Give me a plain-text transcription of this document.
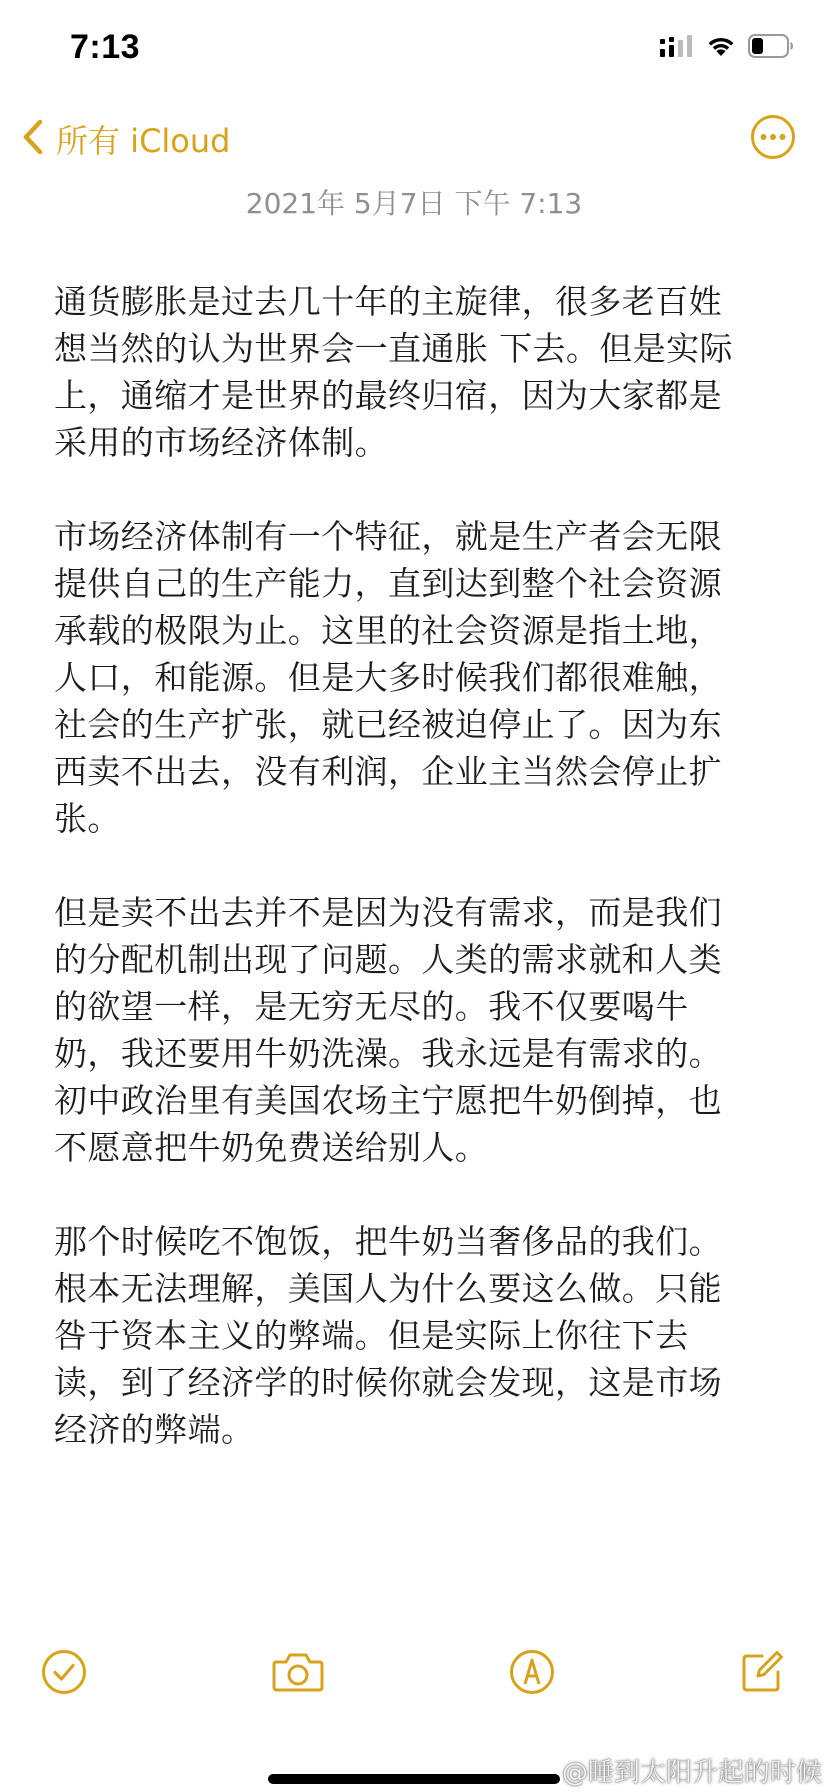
7:13
所有 iCloud
2021年 5月7日 下午 7:13

通货膨胀是过去几十年的主旋律，很多老百姓想当然的认为世界会一直通胀 下去。但是实际上，通缩才是世界的最终归宿，因为大家都是采用的市场经济体制。

市场经济体制有一个特征，就是生产者会无限提供自己的生产能力，直到达到整个社会资源承载的极限为止。这里的社会资源是指土地，人口，和能源。但是大多时候我们都很难触，社会的生产扩张，就已经被迫停止了。因为东西卖不出去，没有利润，企业主当然会停止扩张。

但是卖不出去并不是因为没有需求，而是我们的分配机制出现了问题。人类的需求就和人类的欲望一样，是无穷无尽的。我不仅要喝牛奶，我还要用牛奶洗澡。我永远是有需求的。初中政治里有美国农场主宁愿把牛奶倒掉，也不愿意把牛奶免费送给别人。

那个时候吃不饱饭，把牛奶当奢侈品的我们。根本无法理解，美国人为什么要这么做。只能咎于资本主义的弊端。但是实际上你往下去读，到了经济学的时候你就会发现，这是市场经济的弊端。

@睡到太阳升起的时候
